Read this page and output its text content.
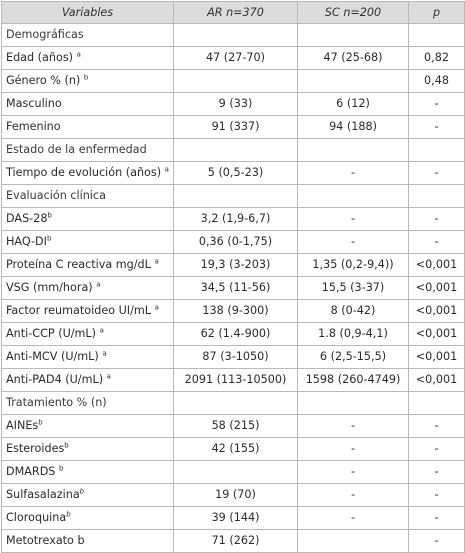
Variables	AR n=370	SC n=200	p
Demográficas			
Edad (años) $^a$	47 (27-70)	47 (25-68)	0,82
Género % (n) $^b$			0,48
Masculino	9 (33)	6 (12)	-
Femenino	91 (337)	94 (188)	-
Estado de la enfermedad			
Tiempo de evolución (años) $^a$	5 (0,5-23)	-	-
Evaluación clínica			
DAS-28$^b$	3,2 (1,9-6,7)	-	-
HAQ-$DI^b$	0,36 (0-1,75)	-	-
Proteína C reactiva mg/dL $^a$	19,3 (3-203)	1,35 (0,2-9,4))	<0,001
VSG (mm/hora) $^a$	34,5 (11-56)	15,5 (3-37)	<0,001
Factor reumatoideo UI/mL $^a$	138 (9-300)	8 (0-42)	<0,001
Anti-CCP (U/mL) $^a$	62 (1.4-900)	1.8 (0,9-4,1)	<0,001
Anti-MCV (U/mL) $^a$	87 (3-1050)	6 (2,5-15,5)	<0,001
Anti-PAD4 (U/mL) $^a$	2091 (113-10500)	1598 (260-4749)	<0,001
Tratamiento % (n)			
AINEs$^b$	58 (215)	-	-
Esteroides$^b$	42 (155)	-	-
DMARDS $^b$		-	-
Sulfasalazina$^b$	19 (70)	-	-
Cloroquina$^b$	39 (144)	-	-
Metotrexato b	71 (262)		-
